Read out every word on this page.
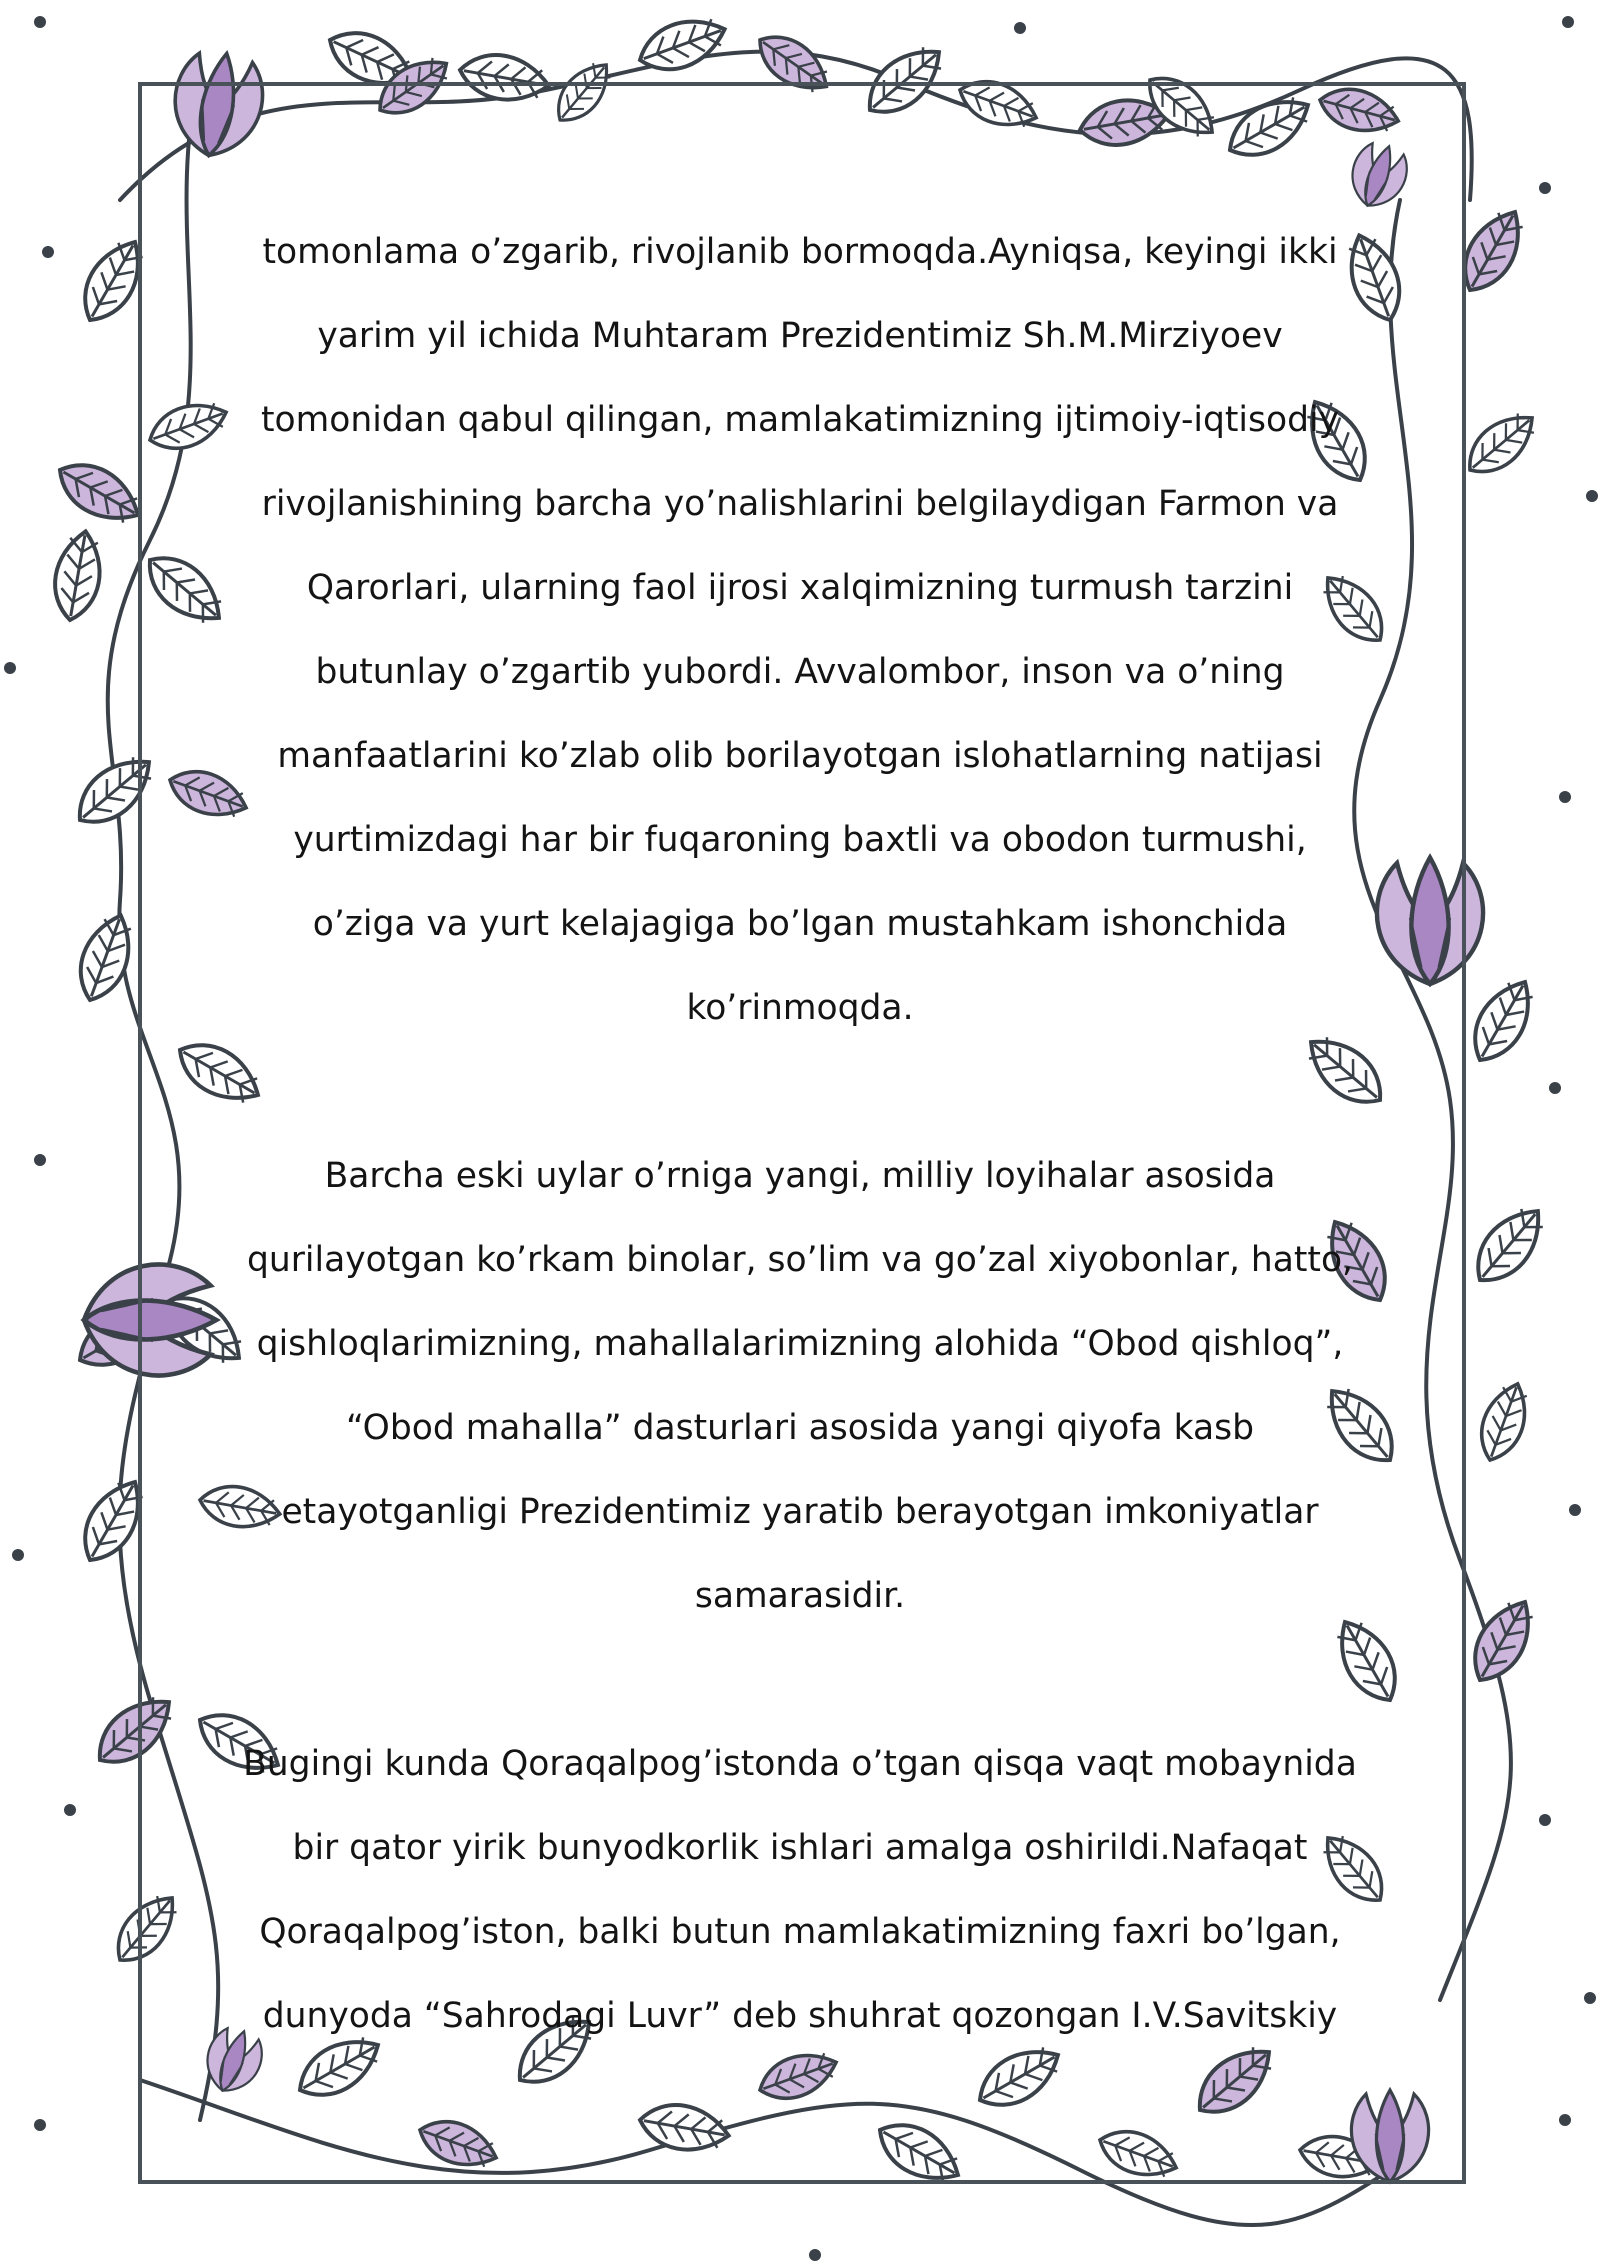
tomonlama o’zgarib, rivojlanib bormoqda.Ayniqsa, keyingi ikki
yarim yil ichida Muhtaram Prezidentimiz Sh.M.Mirziyoev
tomonidan qabul qilingan, mamlakatimizning ijtimoiy-iqtisodiy
rivojlanishining barcha yo’nalishlarini belgilaydigan Farmon va
Qarorlari, ularning faol ijrosi xalqimizning turmush tarzini
butunlay o’zgartib yubordi. Avvalombor, inson va o’ning
manfaatlarini ko’zlab olib borilayotgan islohatlarning natijasi
yurtimizdagi har bir fuqaroning baxtli va obodon turmushi,
o’ziga va yurt kelajagiga bo’lgan mustahkam ishonchida
ko’rinmoqda.
Barcha eski uylar o’rniga yangi, milliy loyihalar asosida
qurilayotgan ko’rkam binolar, so’lim va go’zal xiyobonlar, hatto,
qishloqlarimizning, mahallalarimizning alohida “Obod qishloq”,
“Obod mahalla” dasturlari asosida yangi qiyofa kasb
etayotganligi Prezidentimiz yaratib berayotgan imkoniyatlar
samarasidir.
Bugingi kunda Qoraqalpog’istonda o’tgan qisqa vaqt mobaynida
bir qator yirik bunyodkorlik ishlari amalga oshirildi.Nafaqat
Qoraqalpog’iston, balki butun mamlakatimizning faxri bo’lgan,
dunyoda “Sahrodagi Luvr” deb shuhrat qozongan I.V.Savitskiy
